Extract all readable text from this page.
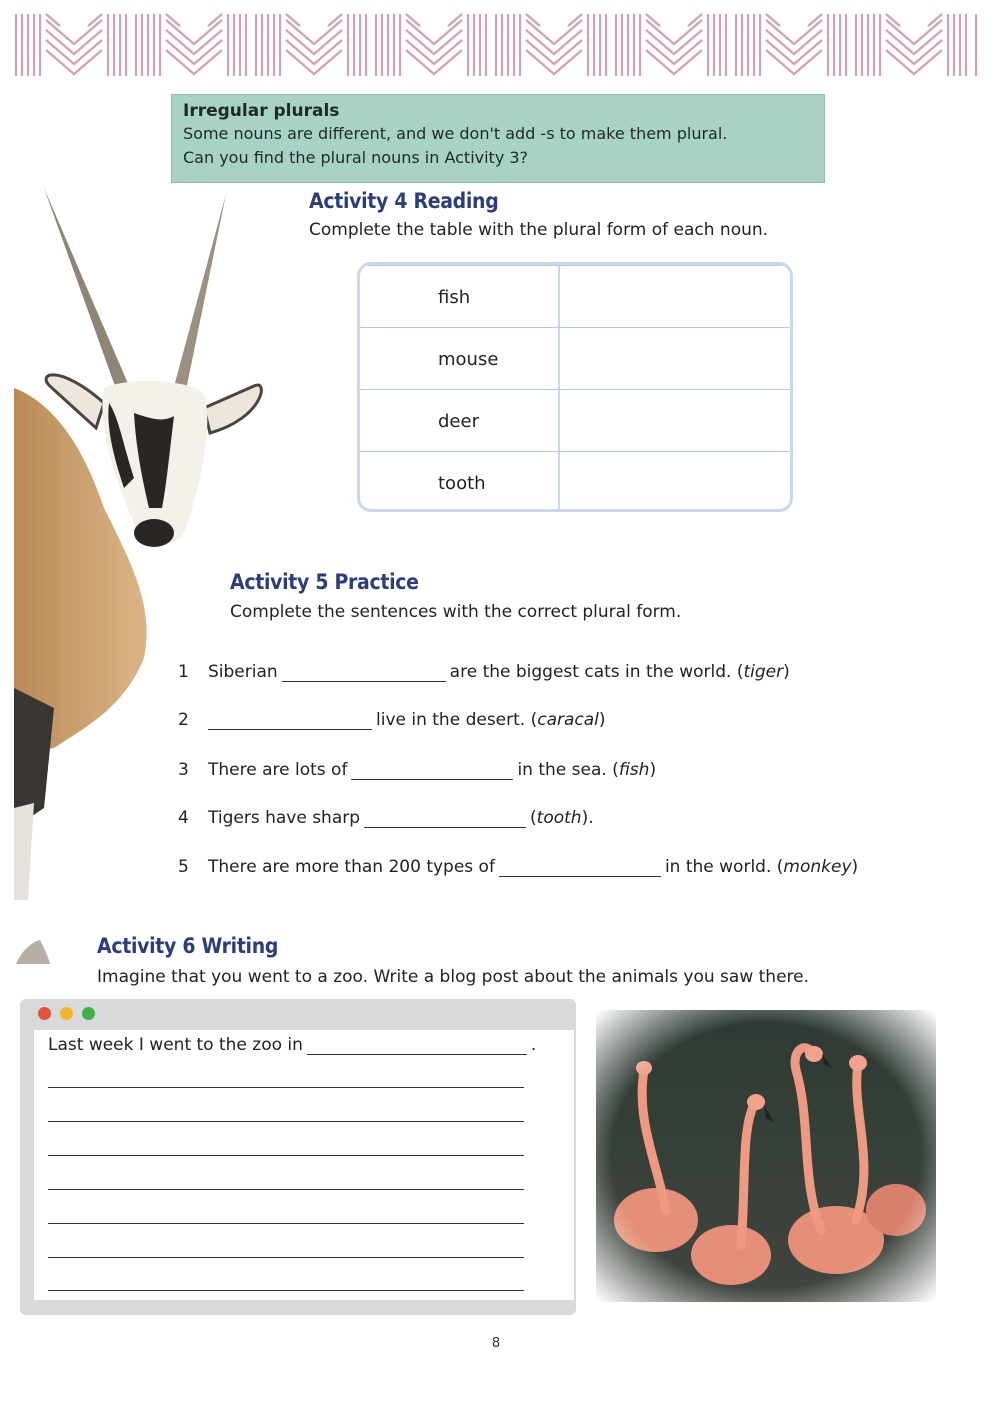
Irregular plurals
Some nouns are different, and we don't add -s to make them plural.
Can you find the plural nouns in Activity 3?
Activity 4 Reading
Complete the table with the plural form of each noun.
fish
mouse
deer
tooth
Activity 5 Practice
Complete the sentences with the correct plural form.
1 Siberian	are the biggest cats in the world. (tiger)
2	live in the desert. (caracal)
3 There are lots of	in the sea. (fish)
4 Tigers have sharp	(tooth).
5 There are more than 200 types of	in the world. (monkey)
Activity 6 Writing
Imagine that you went to a zoo. Write a blog post about the animals you saw there.
Last week I went to the zoo in	.
8
